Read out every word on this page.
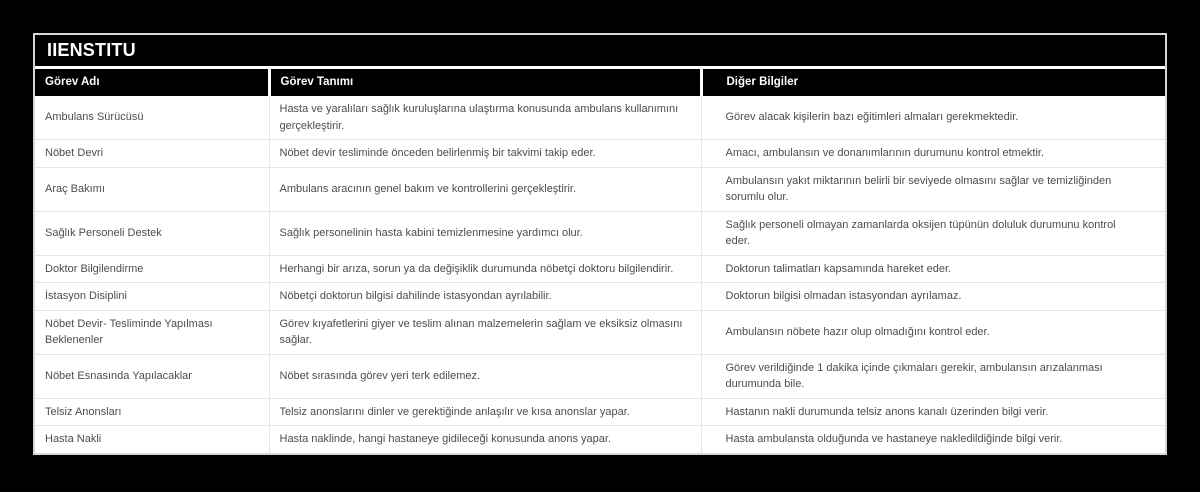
IIENSTITU
Görev Adı	Görev Tanımı	Diğer Bilgiler
Ambulans Sürücüsü	Hasta ve yaralıları sağlık kuruluşlarına ulaştırma konusunda ambulans kullanımını gerçekleştirir.	Görev alacak kişilerin bazı eğitimleri almaları gerekmektedir.
Nöbet Devri	Nöbet devir tesliminde önceden belirlenmiş bir takvimi takip eder.	Amacı, ambulansın ve donanımlarının durumunu kontrol etmektir.
Araç Bakımı	Ambulans aracının genel bakım ve kontrollerini gerçekleştirir.	Ambulansın yakıt miktarının belirli bir seviyede olmasını sağlar ve temizliğinden sorumlu olur.
Sağlık Personeli Destek	Sağlık personelinin hasta kabini temizlenmesine yardımcı olur.	Sağlık personeli olmayan zamanlarda oksijen tüpünün doluluk durumunu kontrol eder.
Doktor Bilgilendirme	Herhangi bir arıza, sorun ya da değişiklik durumunda nöbetçi doktoru bilgilendirir.	Doktorun talimatları kapsamında hareket eder.
İstasyon Disiplini	Nöbetçi doktorun bilgisi dahilinde istasyondan ayrılabilir.	Doktorun bilgisi olmadan istasyondan ayrılamaz.
Nöbet Devir- Tesliminde Yapılması Beklenenler	Görev kıyafetlerini giyer ve teslim alınan malzemelerin sağlam ve eksiksiz olmasını sağlar.	Ambulansın nöbete hazır olup olmadığını kontrol eder.
Nöbet Esnasında Yapılacaklar	Nöbet sırasında görev yeri terk edilemez.	Görev verildiğinde 1 dakika içinde çıkmaları gerekir, ambulansın arızalanması durumunda bile.
Telsiz Anonsları	Telsiz anonslarını dinler ve gerektiğinde anlaşılır ve kısa anonslar yapar.	Hastanın nakli durumunda telsiz anons kanalı üzerinden bilgi verir.
Hasta Nakli	Hasta naklinde, hangi hastaneye gidileceği konusunda anons yapar.	Hasta ambulansta olduğunda ve hastaneye nakledildiğinde bilgi verir.
